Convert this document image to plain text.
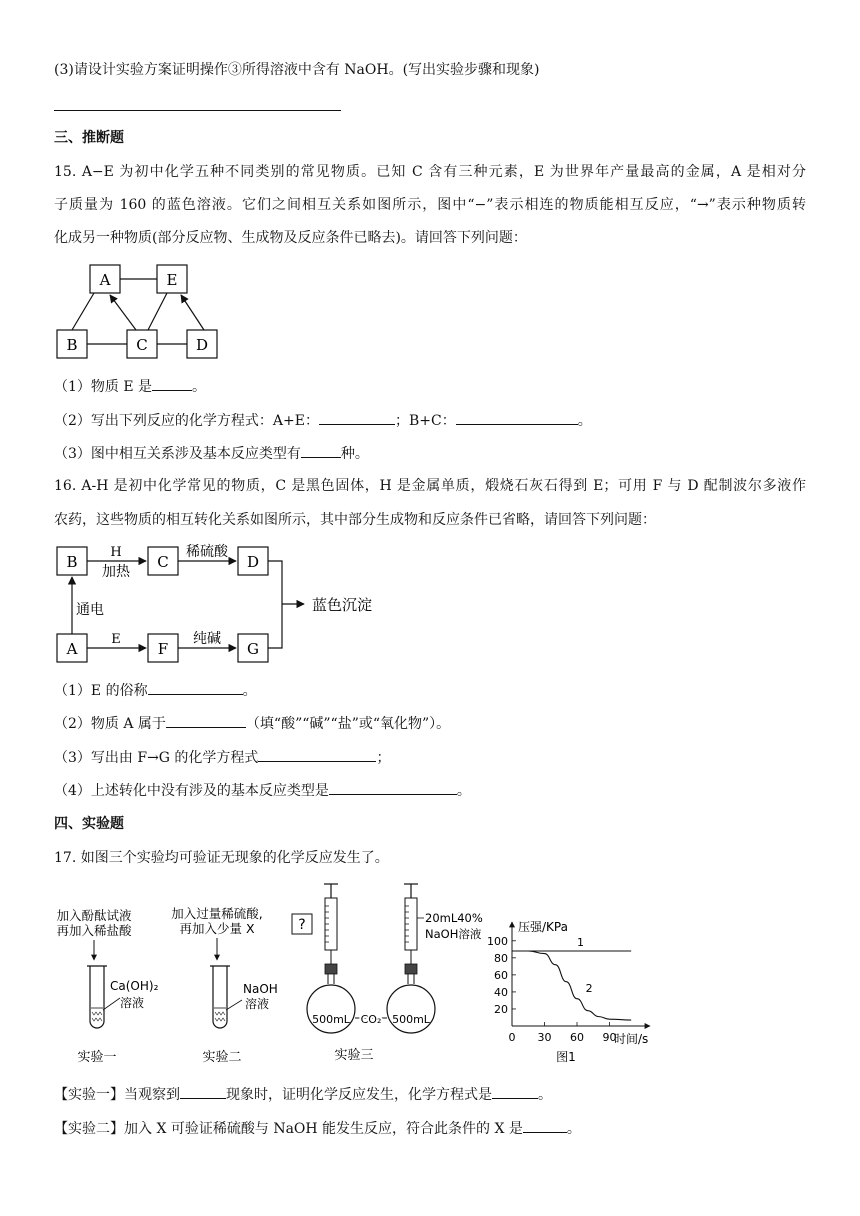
(3)请设计实验方案证明操作③所得溶液中含有 NaOH。(写出实验步骤和现象)
三、推断题
15. A−E 为初中化学五种不同类别的常见物质。已知 C 含有三种元素，E 为世界年产量最高的金属，A 是相对分
子质量为 160 的蓝色溶液。它们之间相互关系如图所示，图中“−”表示相连的物质能相互反应，“→”表示种物质转
化成另一种物质(部分反应物、生成物及反应条件已略去)。请回答下列问题：
A	E
B	C	D
（1）物质 E 是	。
（2）写出下列反应的化学方程式：A+E：	；B+C：	。
（3）图中相互关系涉及基本反应类型有	种。
16. A-H 是初中化学常见的物质，C 是黑色固体，H 是金属单质，煅烧石灰石得到 E；可用 F 与 D 配制波尔多液作
农药，这些物质的相互转化关系如图所示，其中部分生成物和反应条件已省略，请回答下列问题：
B	C	D
A	F	G
H
加热
稀硫酸
通电
E	纯碱
蓝色沉淀
（1）E 的俗称	。
（2）物质 A 属于	（填“酸”“碱”“盐”或“氧化物”）。
（3）写出由 F→G 的化学方程式	；
（4）上述转化中没有涉及的基本反应类型是	。
四、实验题
17. 如图三个实验均可验证无现象的化学反应发生了。
加入酚酞试液
再加入稀盐酸
Ca(OH)₂
溶液
实验一
加入过量稀硫酸,
再加入少量 X
NaOH
溶液
实验二
?	20mL40%
NaOH溶液
500mL CO₂ 500mL
实验三
20
40
60
80
100
0 30 60 90
1
2
压强/KPa
时间/s
图1
【实验一】当观察到	现象时，证明化学反应发生，化学方程式是	。
【实验二】加入 X 可验证稀硫酸与 NaOH 能发生反应，符合此条件的 X 是	。
